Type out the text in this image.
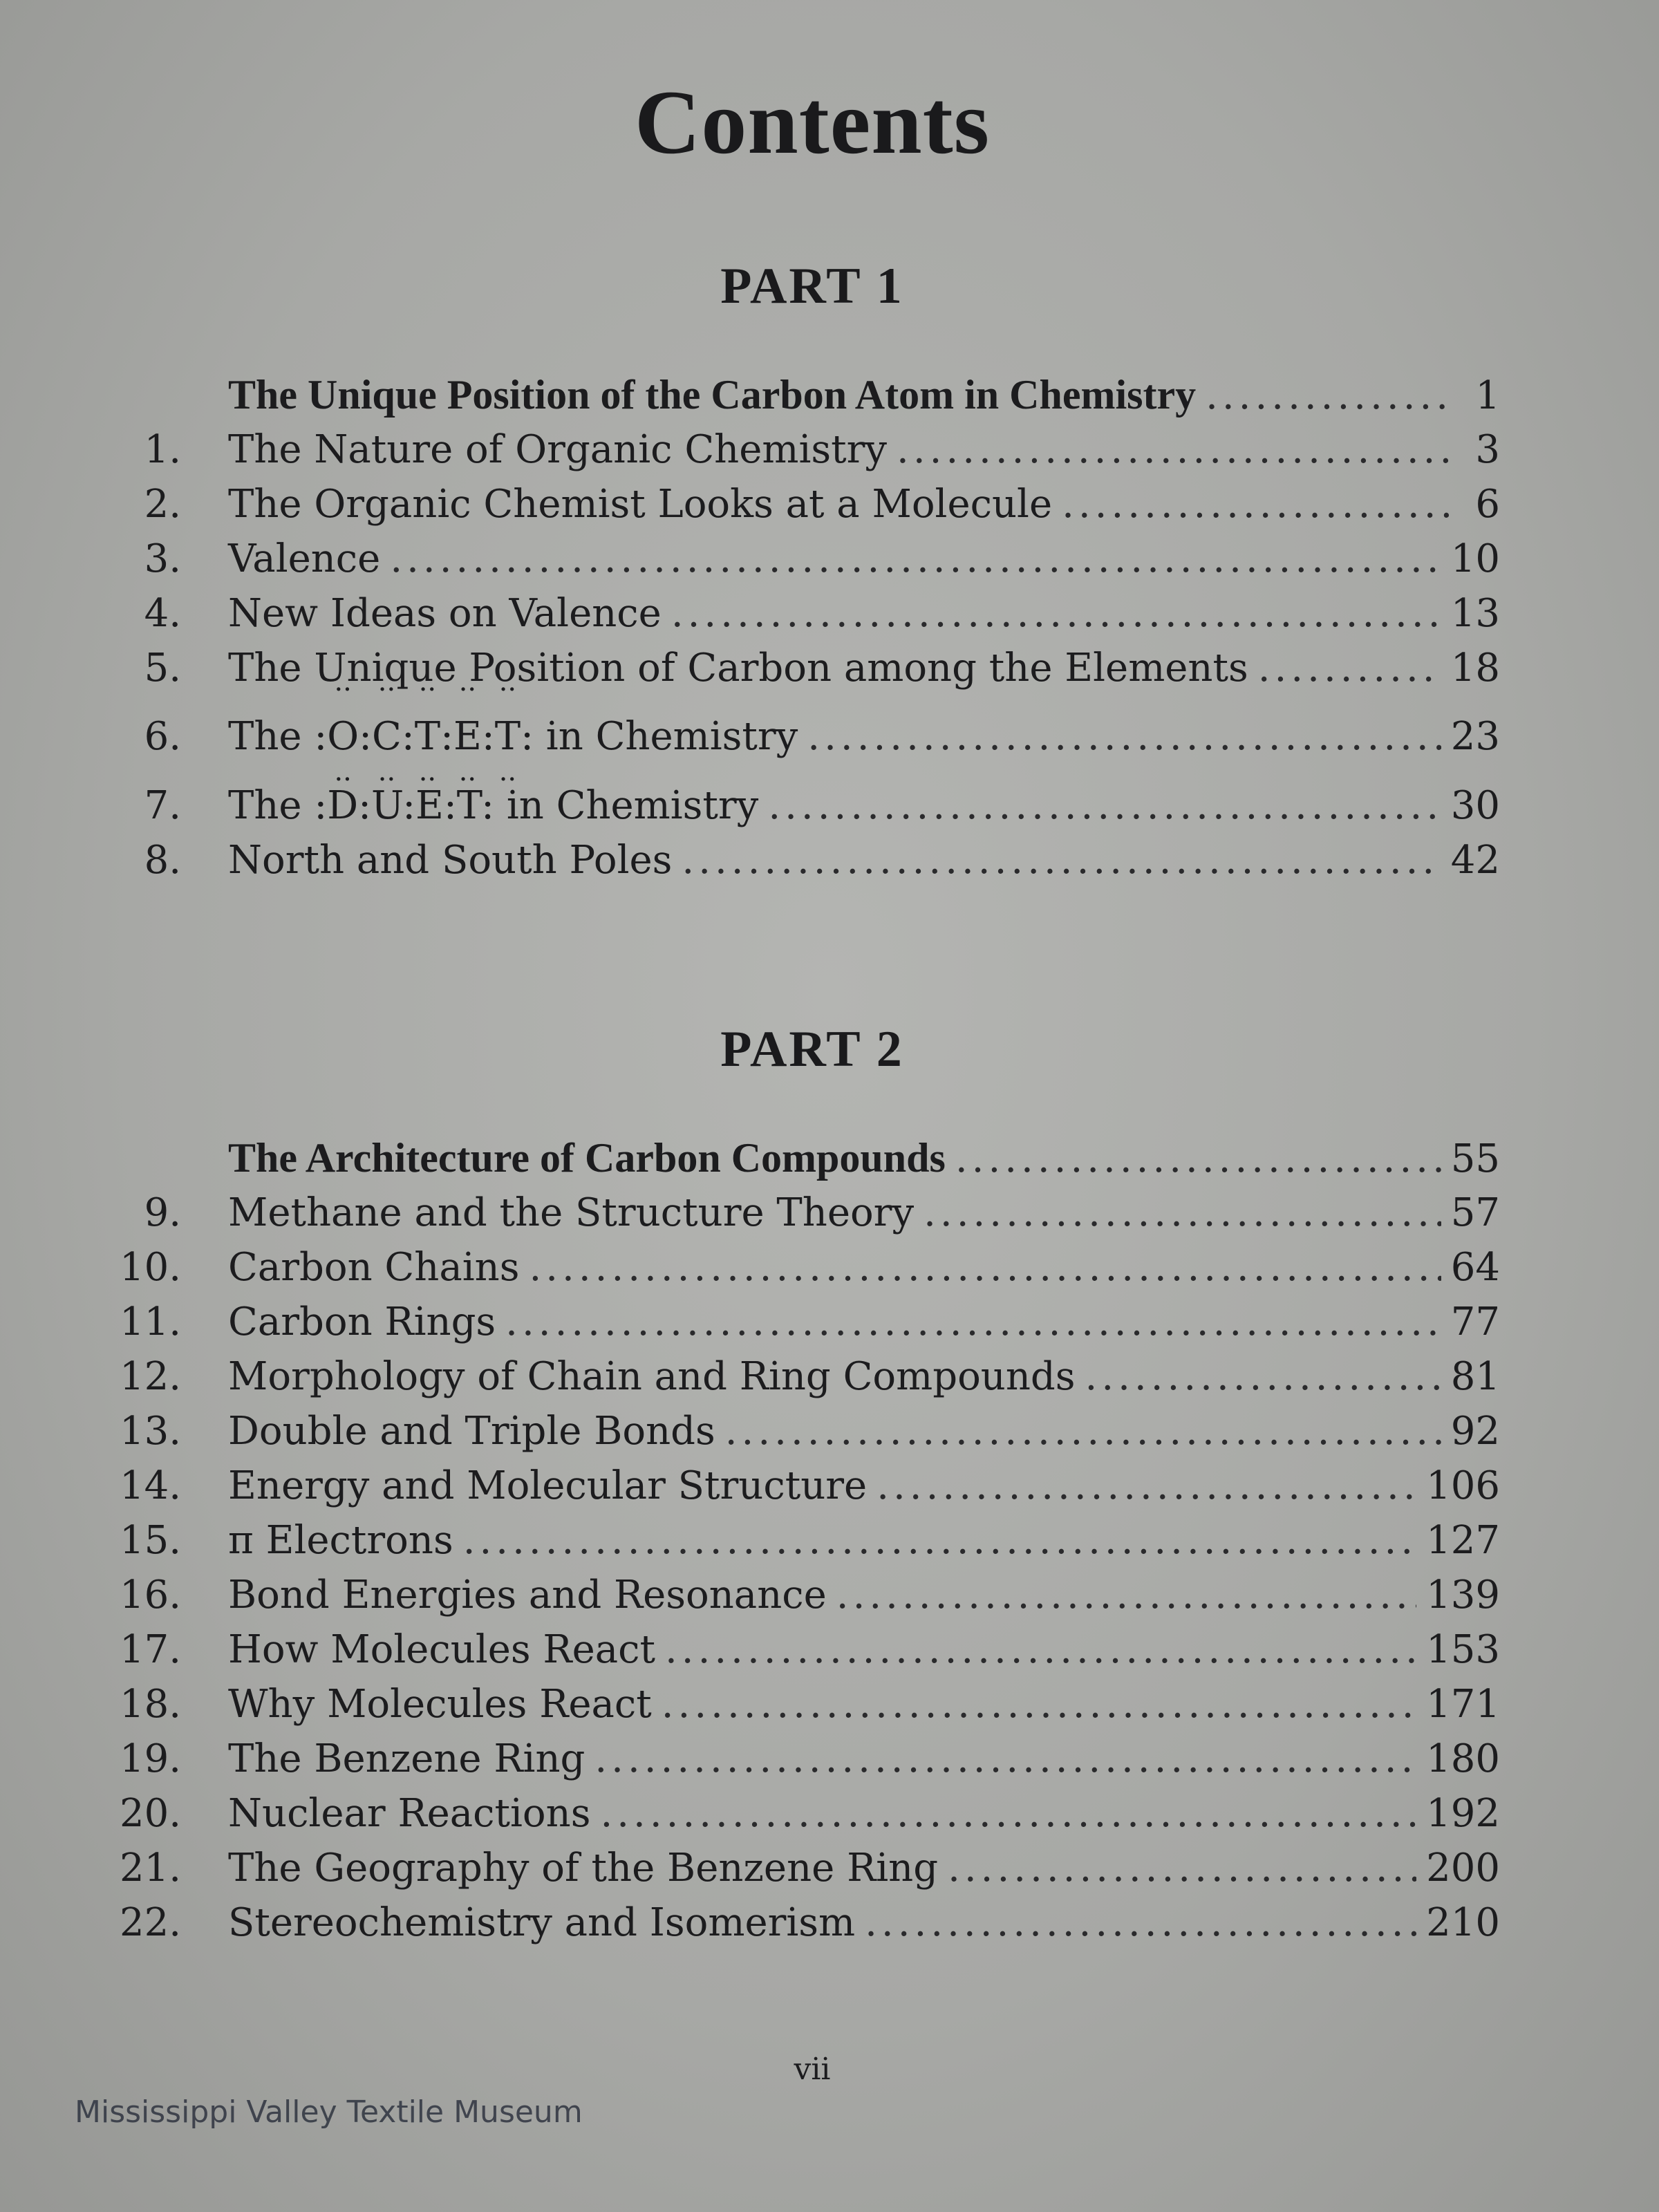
Contents
PART 1
The Unique Position of the Carbon Atom in Chemistry .....	1
1. The Nature of Organic Chemistry .....	3
2. The Organic Chemist Looks at a Molecule .....	6
3. Valence .....	10
4. New Ideas on Valence .....	13
5. The Unique Position of Carbon among the Elements .....	18
6. The :·· O ··:·· C ··:·· T ··:·· E ··:·· T ··: in Chemistry .....	23
7. The :D:U:E:T: in Chemistry .....	30
8. North and South Poles .....	42
PART 2
The Architecture of Carbon Compounds .....	55
9. Methane and the Structure Theory .....	57
10. Carbon Chains .....	64
11. Carbon Rings .....	77
12. Morphology of Chain and Ring Compounds .....	81
13. Double and Triple Bonds .....	92
14. Energy and Molecular Structure .....	106
15. π Electrons .....	127
16. Bond Energies and Resonance .....	139
17. How Molecules React .....	153
18. Why Molecules React .....	171
19. The Benzene Ring .....	180
20. Nuclear Reactions .....	192
21. The Geography of the Benzene Ring .....	200
22. Stereochemistry and Isomerism .....	210
vii
Mississippi Valley Textile Museum
